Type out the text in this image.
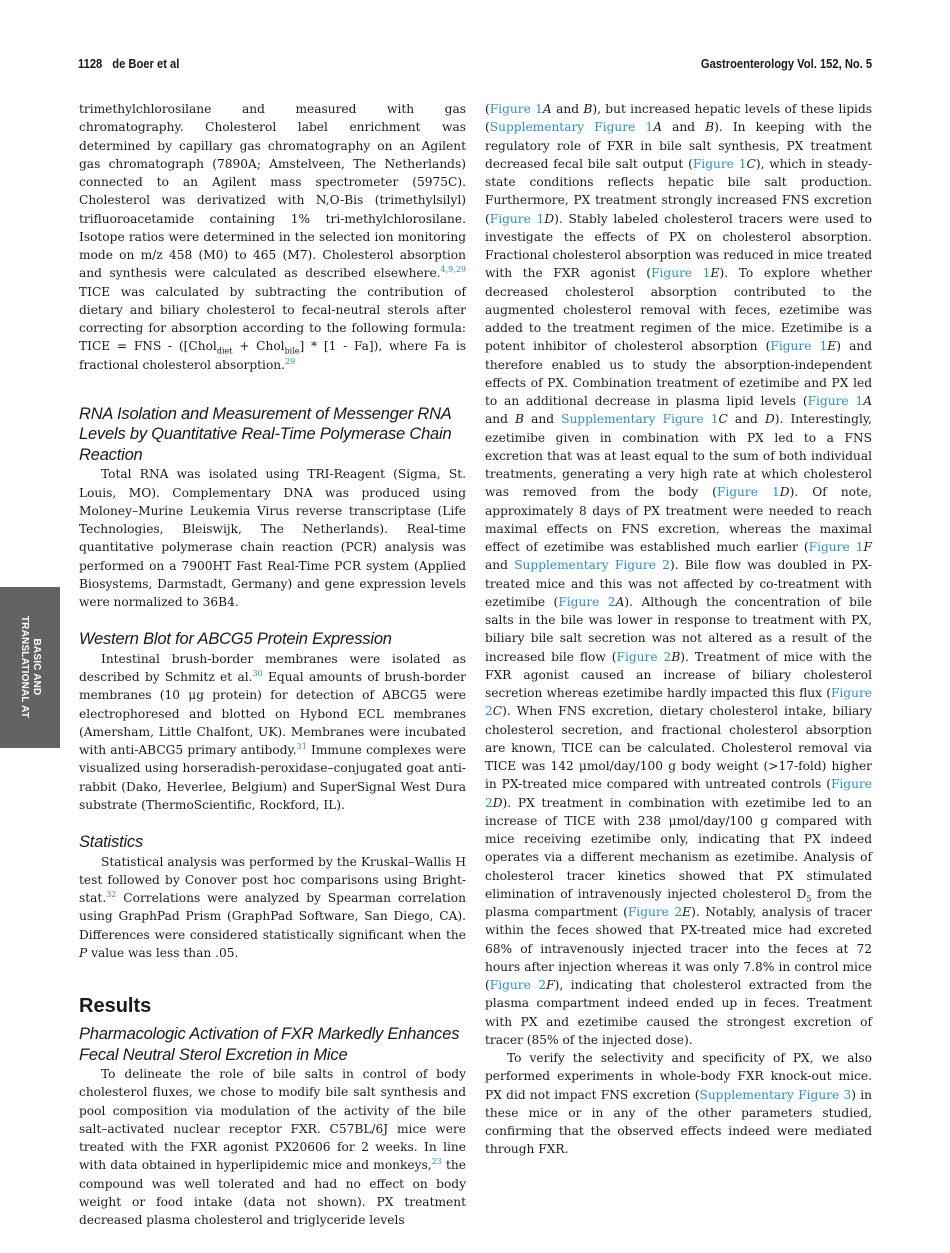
1128 de Boer et al	Gastroenterology Vol. 152, No. 5
BASIC AND
TRANSLATIONAL AT

trimethylchlorosilane and measured with gas chromatography. Cholesterol label enrichment was determined by capillary gas chromatography on an Agilent gas chromatograph (7890A; Amstelveen, The Netherlands) connected to an Agilent mass spectrometer (5975C). Cholesterol was derivatized with N,O-Bis (trimethylsilyl) trifluoroacetamide containing 1% tri-methylchlorosilane. Isotope ratios were determined in the selected ion monitoring mode on m/z 458 (M0) to 465 (M7). Cholesterol absorption and synthesis were calculated as described elsewhere.$^{4,9,29}$ TICE was calculated by subtracting the contribution of dietary and biliary cholesterol to fecal-neutral sterols after correcting for absorption according to the following formula: TICE = FNS - ([Chol$_{diet}$ + Chol$_{bile}$] * [1 - Fa]), where Fa is fractional cholesterol absorption.$^{29}$

RNA Isolation and Measurement of Messenger RNA Levels by Quantitative Real-Time Polymerase Chain Reaction

Total RNA was isolated using TRI-Reagent (Sigma, St. Louis, MO). Complementary DNA was produced using Moloney–Murine Leukemia Virus reverse transcriptase (Life Technologies, Bleiswijk, The Netherlands). Real-time quantitative polymerase chain reaction (PCR) analysis was performed on a 7900HT Fast Real-Time PCR system (Applied Biosystems, Darmstadt, Germany) and gene expression levels were normalized to 36B4.

Western Blot for ABCG5 Protein Expression

Intestinal brush-border membranes were isolated as described by Schmitz et al.$^{30}$ Equal amounts of brush-border membranes (10 μg protein) for detection of ABCG5 were electrophoresed and blotted on Hybond ECL membranes (Amersham, Little Chalfont, UK). Membranes were incubated with anti-ABCG5 primary antibody.$^{31}$ Immune complexes were visualized using horseradish-peroxidase–conjugated goat anti-rabbit (Dako, Heverlee, Belgium) and SuperSignal West Dura substrate (ThermoScientific, Rockford, IL).

Statistics

Statistical analysis was performed by the Kruskal–Wallis H test followed by Conover post hoc comparisons using Bright-stat.$^{32}$ Correlations were analyzed by Spearman correlation using GraphPad Prism (GraphPad Software, San Diego, CA). Differences were considered statistically significant when the P value was less than .05.

Results
Pharmacologic Activation of FXR Markedly Enhances Fecal Neutral Sterol Excretion in Mice

To delineate the role of bile salts in control of body cholesterol fluxes, we chose to modify bile salt synthesis and pool composition via modulation of the activity of the bile salt–activated nuclear receptor FXR. C57BL/6J mice were treated with the FXR agonist PX20606 for 2 weeks. In line with data obtained in hyperlipidemic mice and monkeys,$^{23}$ the compound was well tolerated and had no effect on body weight or food intake (data not shown). PX treatment decreased plasma cholesterol and triglyceride levels

(Figure 1A and B), but increased hepatic levels of these lipids (Supplementary Figure 1A and B). In keeping with the regulatory role of FXR in bile salt synthesis, PX treatment decreased fecal bile salt output (Figure 1C), which in steady-state conditions reflects hepatic bile salt production. Furthermore, PX treatment strongly increased FNS excretion (Figure 1D). Stably labeled cholesterol tracers were used to investigate the effects of PX on cholesterol absorption. Fractional cholesterol absorption was reduced in mice treated with the FXR agonist (Figure 1E). To explore whether decreased cholesterol absorption contributed to the augmented cholesterol removal with feces, ezetimibe was added to the treatment regimen of the mice. Ezetimibe is a potent inhibitor of cholesterol absorption (Figure 1E) and therefore enabled us to study the absorption-independent effects of PX. Combination treatment of ezetimibe and PX led to an additional decrease in plasma lipid levels (Figure 1A and B and Supplementary Figure 1C and D). Interestingly, ezetimibe given in combination with PX led to a FNS excretion that was at least equal to the sum of both individual treatments, generating a very high rate at which cholesterol was removed from the body (Figure 1D). Of note, approximately 8 days of PX treatment were needed to reach maximal effects on FNS excretion, whereas the maximal effect of ezetimibe was established much earlier (Figure 1F and Supplementary Figure 2). Bile flow was doubled in PX-treated mice and this was not affected by co-treatment with ezetimibe (Figure 2A). Although the concentration of bile salts in the bile was lower in response to treatment with PX, biliary bile salt secretion was not altered as a result of the increased bile flow (Figure 2B). Treatment of mice with the FXR agonist caused an increase of biliary cholesterol secretion whereas ezetimibe hardly impacted this flux (Figure 2C). When FNS excretion, dietary cholesterol intake, biliary cholesterol secretion, and fractional cholesterol absorption are known, TICE can be calculated. Cholesterol removal via TICE was 142 μmol/day/100 g body weight (>17-fold) higher in PX-treated mice compared with untreated controls (Figure 2D). PX treatment in combination with ezetimibe led to an increase of TICE with 238 μmol/day/100 g compared with mice receiving ezetimibe only, indicating that PX indeed operates via a different mechanism as ezetimibe. Analysis of cholesterol tracer kinetics showed that PX stimulated elimination of intravenously injected cholesterol $D_5$ from the plasma compartment (Figure 2E). Notably, analysis of tracer within the feces showed that PX-treated mice had excreted 68% of intravenously injected tracer into the feces at 72 hours after injection whereas it was only 7.8% in control mice (Figure 2F), indicating that cholesterol extracted from the plasma compartment indeed ended up in feces. Treatment with PX and ezetimibe caused the strongest excretion of tracer (85% of the injected dose).

To verify the selectivity and specificity of PX, we also performed experiments in whole-body FXR knock-out mice. PX did not impact FNS excretion (Supplementary Figure 3) in these mice or in any of the other parameters studied, confirming that the observed effects indeed were mediated through FXR.
